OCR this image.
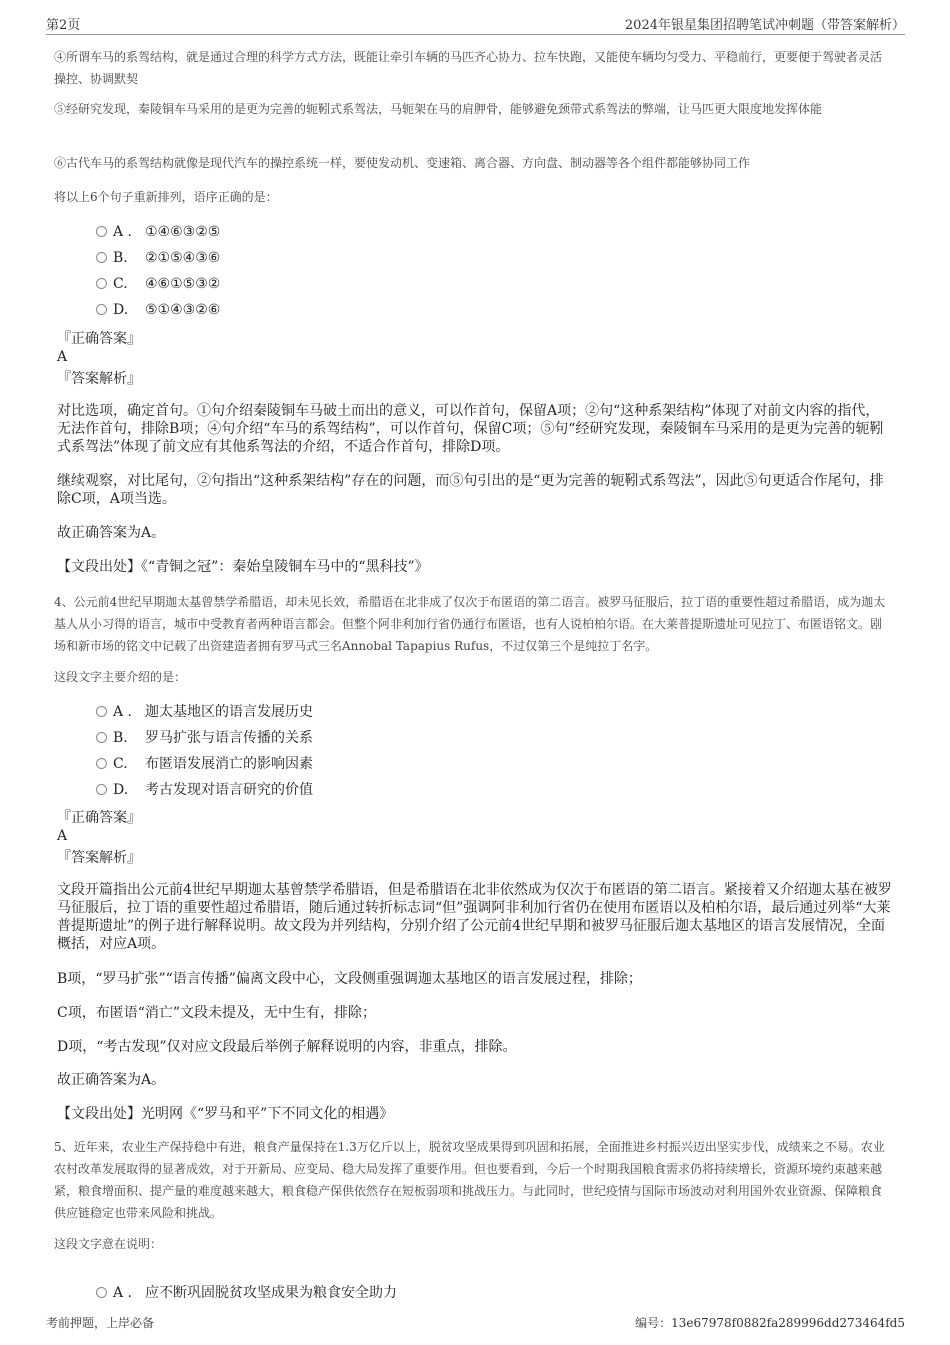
第2页	2024年银星集团招聘笔试冲刺题（带答案解析）
④所谓车马的系驾结构，就是通过合理的科学方式方法，既能让牵引车辆的马匹齐心协力、拉车快跑，又能使车辆均匀受力、平稳前行，更要便于驾驶者灵活操控、协调默契
⑤经研究发现，秦陵铜车马采用的是更为完善的轭靷式系驾法，马轭架在马的肩胛骨，能够避免颈带式系驾法的弊端，让马匹更大限度地发挥体能
⑥古代车马的系驾结构就像是现代汽车的操控系统一样，要使发动机、变速箱、离合器、方向盘、制动器等各个组件都能够协同工作
将以上6个句子重新排列，语序正确的是：
A . ①④⑥③②⑤
B. ②①⑤④③⑥
C. ④⑥①⑤③②
D. ⑤①④③②⑥
『正确答案』
A
『答案解析』
对比选项，确定首句。①句介绍秦陵铜车马破土而出的意义，可以作首句，保留A项；②句“这种系架结构”体现了对前文内容的指代，无法作首句，排除B项；④句介绍“车马的系驾结构”，可以作首句，保留C项；⑤句“经研究发现，秦陵铜车马采用的是更为完善的轭靷式系驾法”体现了前文应有其他系驾法的介绍，不适合作首句，排除D项。
继续观察，对比尾句，②句指出“这种系架结构”存在的问题，而⑤句引出的是“更为完善的轭靷式系驾法”，因此⑤句更适合作尾句，排除C项，A项当选。
故正确答案为A。
【文段出处】《“青铜之冠”：秦始皇陵铜车马中的“黑科技”》
4、公元前4世纪早期迦太基曾禁学希腊语，却未见长效，希腊语在北非成了仅次于布匿语的第二语言。被罗马征服后，拉丁语的重要性超过希腊语，成为迦太基人从小习得的语言，城市中受教育者两种语言都会。但整个阿非利加行省仍通行布匿语，也有人说柏柏尔语。在大莱普提斯遗址可见拉丁、布匿语铭文。剧场和新市场的铭文中记载了出资建造者拥有罗马式三名Annobal Tapapius Rufus，不过仅第三个是纯拉丁名字。
这段文字主要介绍的是：
A . 迦太基地区的语言发展历史
B. 罗马扩张与语言传播的关系
C. 布匿语发展消亡的影响因素
D. 考古发现对语言研究的价值
『正确答案』
A
『答案解析』
文段开篇指出公元前4世纪早期迦太基曾禁学希腊语，但是希腊语在北非依然成为仅次于布匿语的第二语言。紧接着又介绍迦太基在被罗马征服后，拉丁语的重要性超过希腊语，随后通过转折标志词“但”强调阿非利加行省仍在使用布匿语以及柏柏尔语，最后通过列举“大莱普提斯遗址”的例子进行解释说明。故文段为并列结构，分别介绍了公元前4世纪早期和被罗马征服后迦太基地区的语言发展情况，全面概括，对应A项。
B项，“罗马扩张”“语言传播”偏离文段中心，文段侧重强调迦太基地区的语言发展过程，排除；
C项，布匿语“消亡”文段未提及，无中生有，排除；
D项，“考古发现”仅对应文段最后举例子解释说明的内容，非重点，排除。
故正确答案为A。
【文段出处】光明网《“罗马和平”下不同文化的相遇》
5、近年来，农业生产保持稳中有进，粮食产量保持在1.3万亿斤以上，脱贫攻坚成果得到巩固和拓展，全面推进乡村振兴迈出坚实步伐，成绩来之不易。农业农村改革发展取得的显著成效，对于开新局、应变局、稳大局发挥了重要作用。但也要看到，今后一个时期我国粮食需求仍将持续增长，资源环境约束越来越紧，粮食增面积、提产量的难度越来越大，粮食稳产保供依然存在短板弱项和挑战压力。与此同时，世纪疫情与国际市场波动对利用国外农业资源、保障粮食供应链稳定也带来风险和挑战。
这段文字意在说明：
A . 应不断巩固脱贫攻坚成果为粮食安全助力
考前押题，上岸必备	编号：13e67978f0882fa289996dd273464fd5
